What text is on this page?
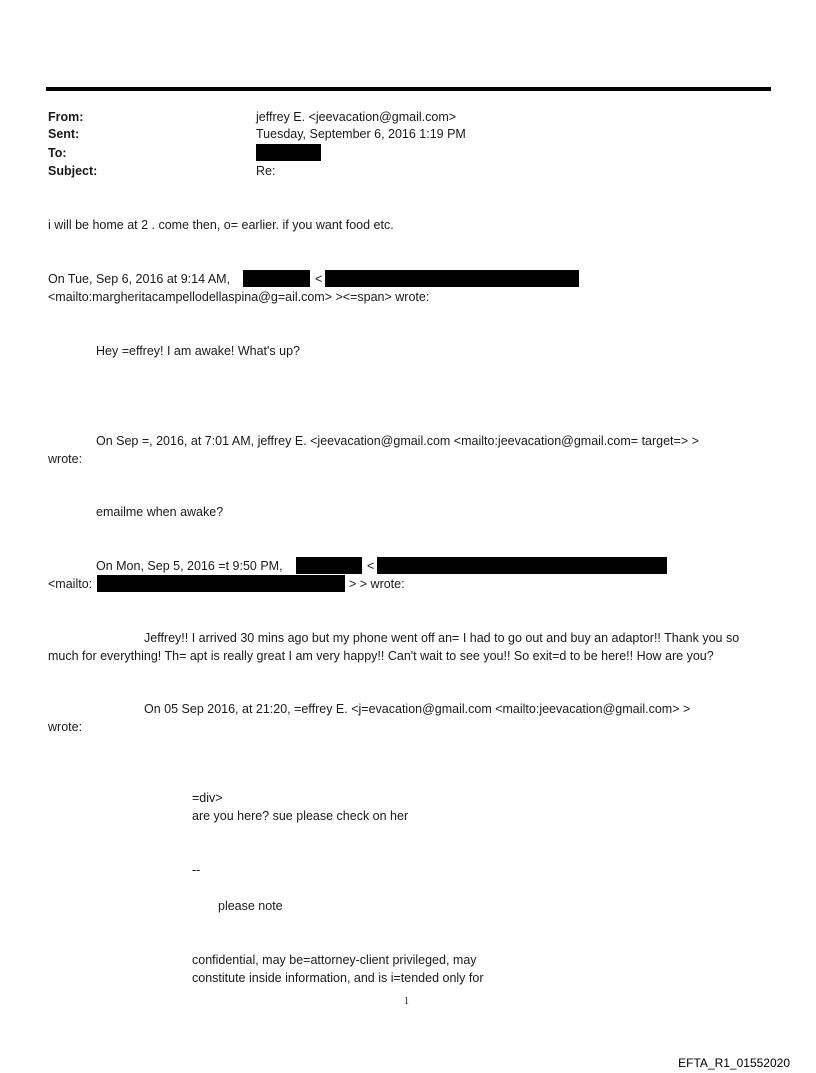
From:	jeffrey E. <jeevacation@gmail.com>
Sent:	Tuesday, September 6, 2016 1:19 PM
To:
Subject:	Re:
i will be home at 2 . come then, o= earlier. if you want food etc.
On Tue, Sep 6, 2016 at 9:14 AM,	<
<mailto:margheritacampellodellaspina@g=ail.com> ><=span> wrote:
Hey =effrey! I am awake! What's up?
On Sep =, 2016, at 7:01 AM, jeffrey E. <jeevacation@gmail.com <mailto:jeevacation@gmail.com= target=> >
wrote:
emailme when awake?
On Mon, Sep 5, 2016 =t 9:50 PM,	<
<mailto:	> > wrote:
Jeffrey!! I arrived 30 mins ago but my phone went off an= I had to go out and buy an adaptor!! Thank you so much for everything! Th= apt is really great I am very happy!! Can't wait to see you!! So exit=d to be here!! How are you?
On 05 Sep 2016, at 21:20, =effrey E. <j=evacation@gmail.com <mailto:jeevacation@gmail.com> >
wrote:
=div>
are you here? sue please check on her
--
please note
confidential, may be=attorney-client privileged, may
constitute inside information, and is i=tended only for
1
EFTA_R1_01552020
